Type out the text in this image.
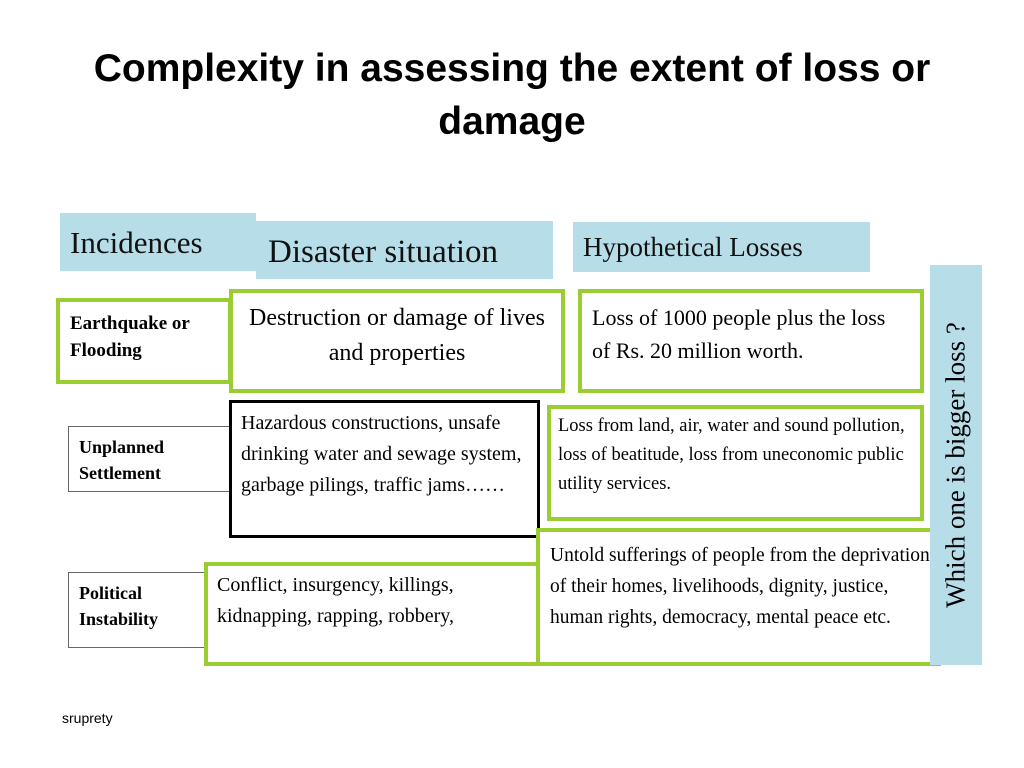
Complexity in assessing the extent of loss or damage
Incidences	Disaster situation	Hypothetical Losses
Earthquake or Flooding
Destruction or damage of lives and properties
Loss of 1000 people plus the loss of Rs. 20 million worth.
Unplanned Settlement
Hazardous constructions, unsafe drinking water and sewage system, garbage pilings, traffic jams……
Loss from land, air, water and sound pollution, loss of beatitude, loss from uneconomic public utility services.
Political Instability
Conflict, insurgency, killings, kidnapping, rapping, robbery,
Untold sufferings of people from the deprivation of their homes, livelihoods, dignity, justice, human rights, democracy, mental peace etc.
Which one is bigger loss ?
sruprety
